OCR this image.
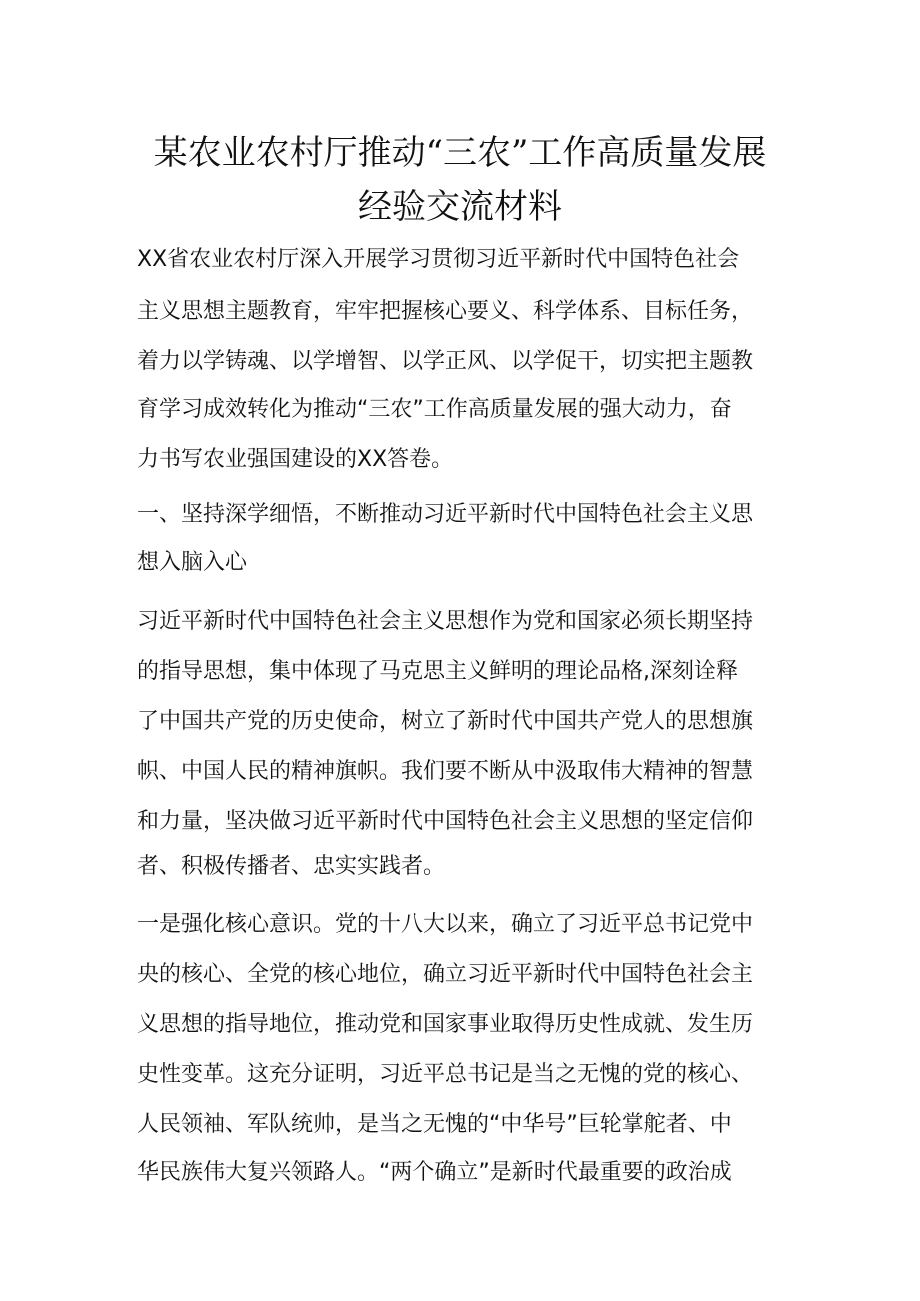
某农业农村厅推动“三农”工作高质量发展
经验交流材料

XX省农业农村厅深入开展学习贯彻习近平新时代中国特色社会

主义思想主题教育，牢牢把握核心要义、科学体系、目标任务，

着力以学铸魂、以学增智、以学正风、以学促干，切实把主题教

育学习成效转化为推动“三农”工作高质量发展的强大动力，奋

力书写农业强国建设的XX答卷。

一、坚持深学细悟，不断推动习近平新时代中国特色社会主义思

想入脑入心

习近平新时代中国特色社会主义思想作为党和国家必须长期坚持

的指导思想，集中体现了马克思主义鲜明的理论品格,深刻诠释

了中国共产党的历史使命，树立了新时代中国共产党人的思想旗

帜、中国人民的精神旗帜。我们要不断从中汲取伟大精神的智慧

和力量，坚决做习近平新时代中国特色社会主义思想的坚定信仰

者、积极传播者、忠实实践者。

一是强化核心意识。党的十八大以来，确立了习近平总书记党中

央的核心、全党的核心地位，确立习近平新时代中国特色社会主

义思想的指导地位，推动党和国家事业取得历史性成就、发生历

史性变革。这充分证明，习近平总书记是当之无愧的党的核心、

人民领袖、军队统帅，是当之无愧的“中华号”巨轮掌舵者、中

华民族伟大复兴领路人。“两个确立”是新时代最重要的政治成
